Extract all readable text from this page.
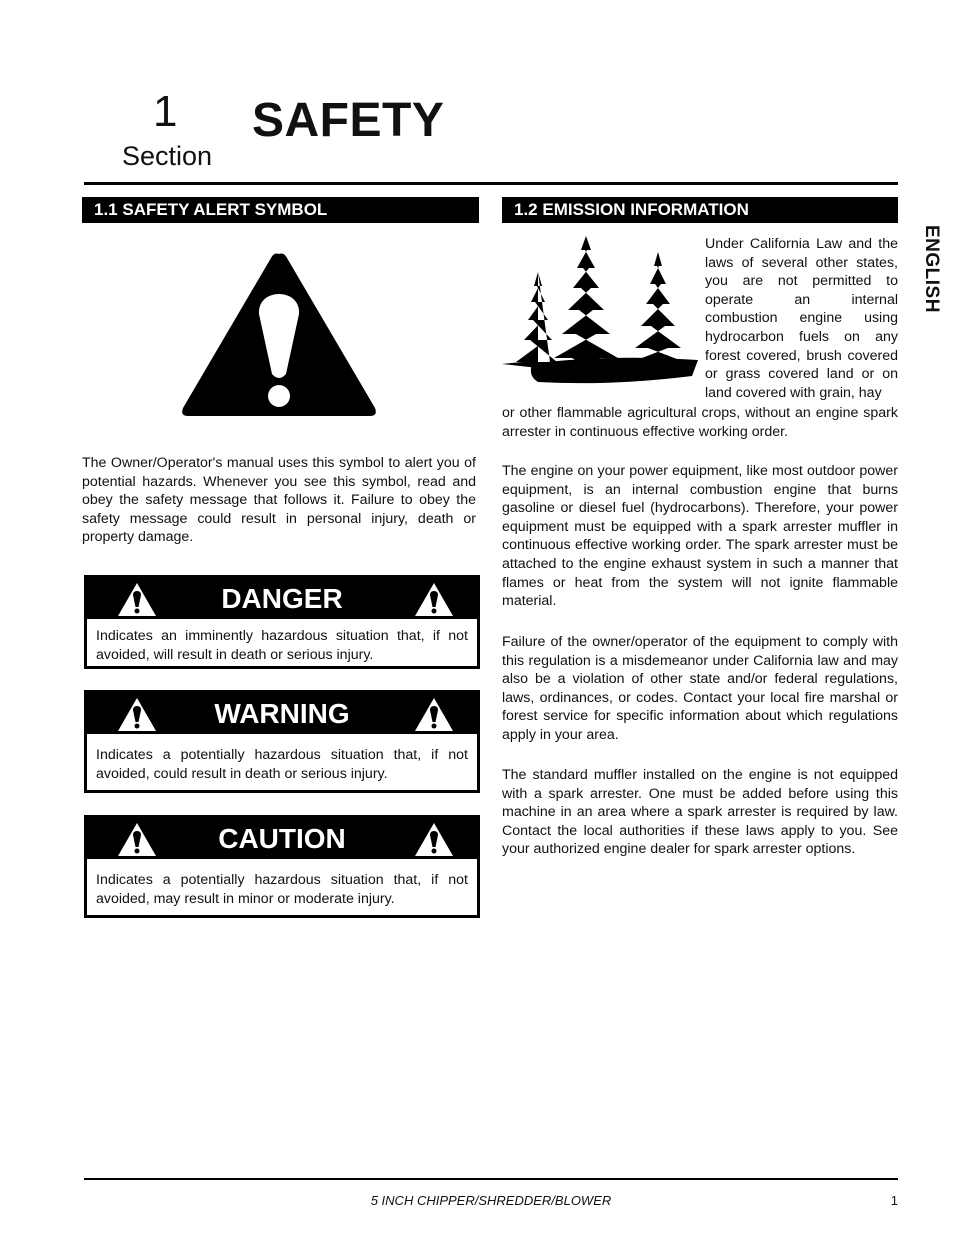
1
Section
SAFETY
ENGLISH
1.1 SAFETY ALERT SYMBOL
The Owner/Operator's manual uses this symbol to alert you of potential hazards. Whenever you see this symbol, read and obey the safety message that follows it. Failure to obey the safety message could result in personal injury, death or property damage.
DANGER
Indicates an imminently hazardous situation that, if not avoided, will result in death or serious injury.
WARNING
Indicates a potentially hazardous situation that, if not avoided, could result in death or serious injury.
CAUTION
Indicates a potentially hazardous situation that, if not avoided, may result in minor or moderate injury.
1.2 EMISSION INFORMATION
Under California Law and the laws of several other states, you are not permitted to operate an internal combustion engine using hydrocarbon fuels on any forest covered, brush covered or grass covered land or on land covered with grain, hay
or other flammable agricultural crops, without an engine spark arrester in continuous effective working order.
The engine on your power equipment, like most outdoor power equipment, is an internal combustion engine that burns gasoline or diesel fuel (hydrocarbons). Therefore, your power equipment must be equipped with a spark arrester muffler in continuous effective working order. The spark arrester must be attached to the engine exhaust system in such a manner that flames or heat from the system will not ignite flammable material.
Failure of the owner/operator of the equipment to comply with this regulation is a misdemeanor under California law and may also be a violation of other state and/or federal regulations, laws, ordinances, or codes. Contact your local fire marshal or forest service for specific information about which regulations apply in your area.
The standard muffler installed on the engine is not equipped with a spark arrester. One must be added before using this machine in an area where a spark arrester is required by law. Contact the local authorities if these laws apply to you. See your authorized engine dealer for spark arrester options.
5 INCH CHIPPER/SHREDDER/BLOWER	1
